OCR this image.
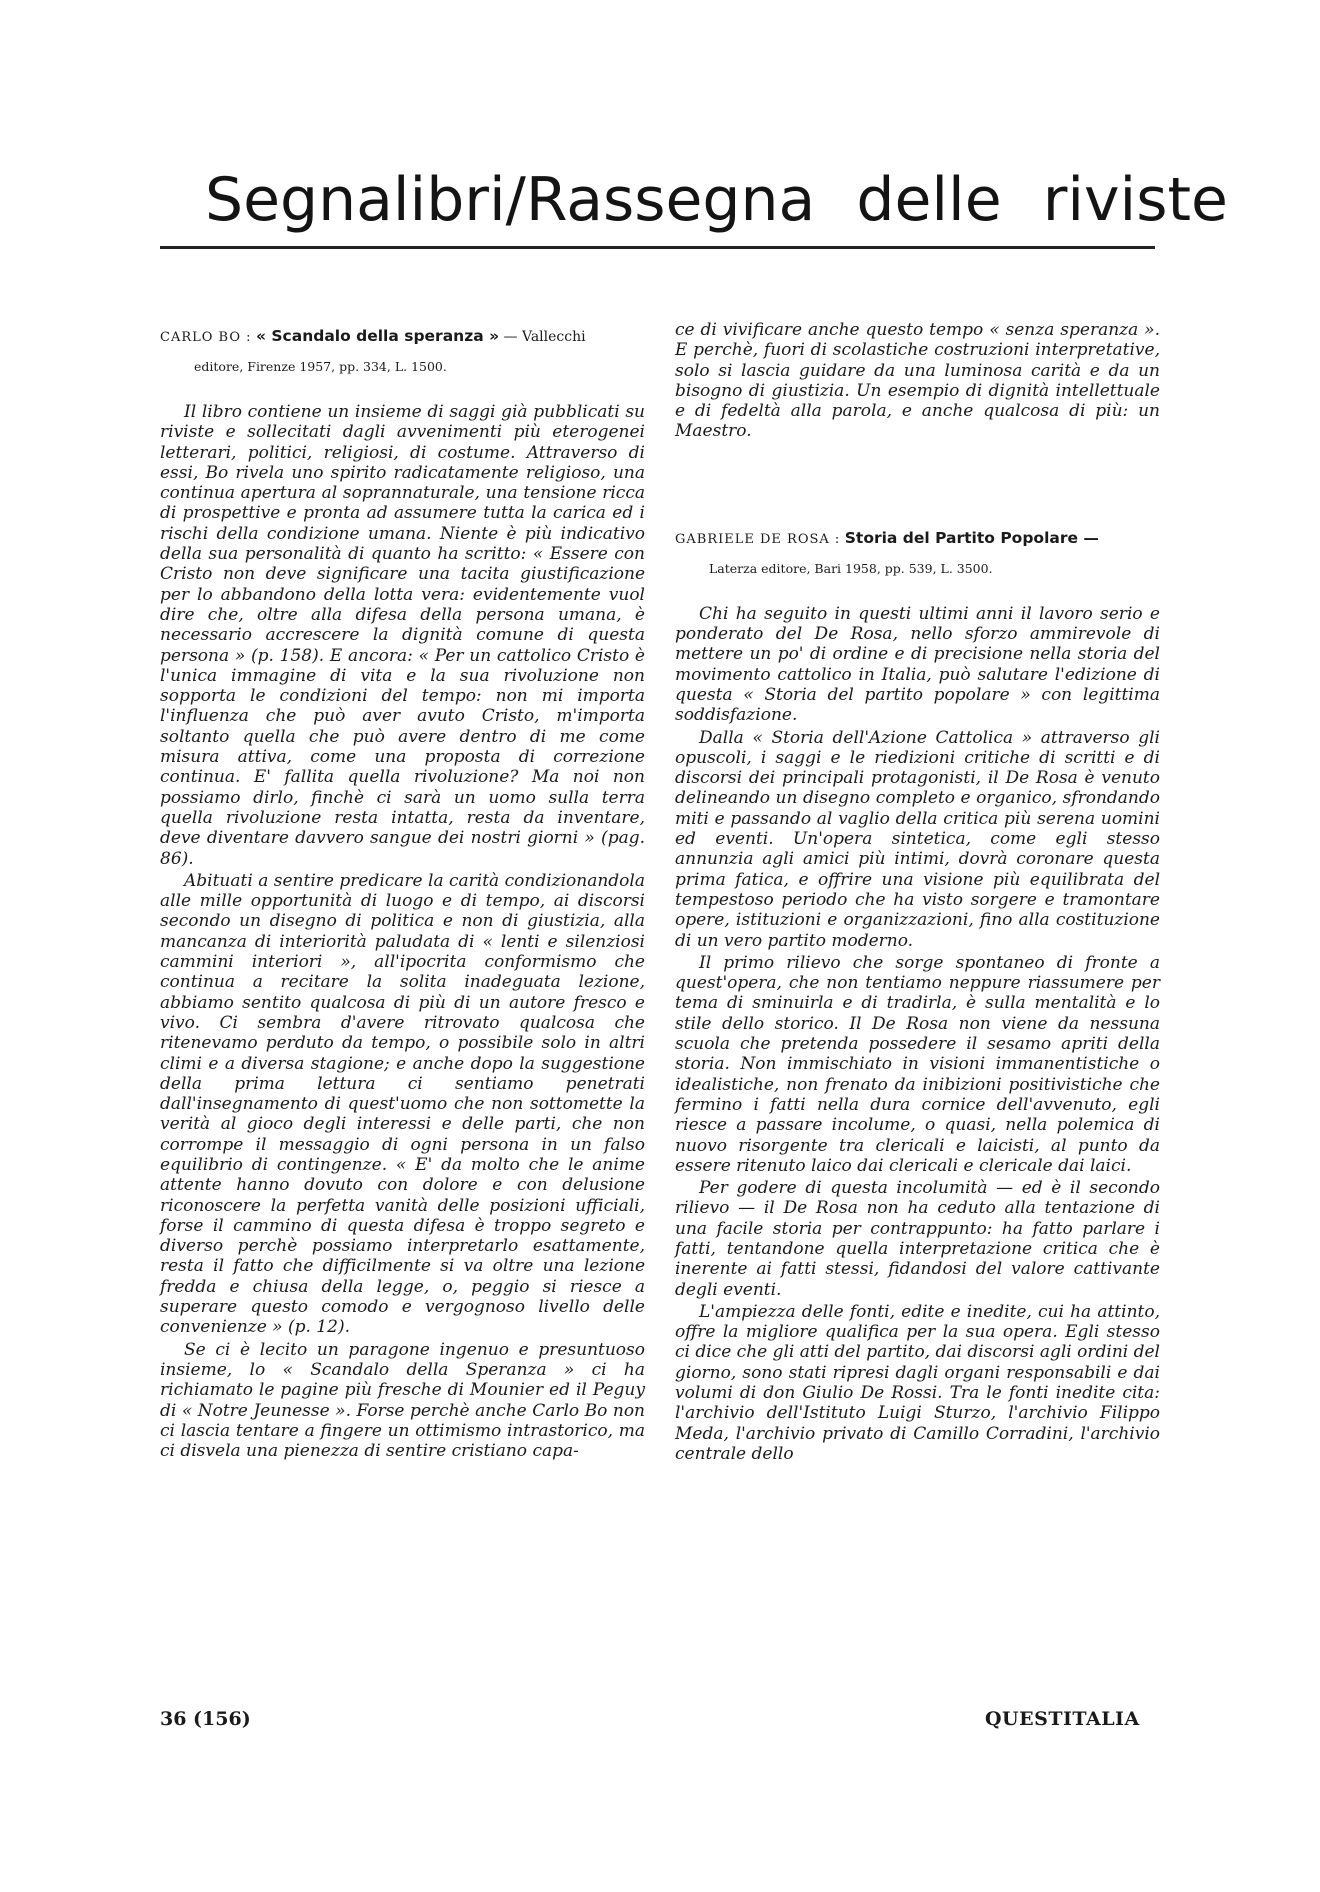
Segnalibri/Rassegna delle riviste
CARLO BO : « Scandalo della speranza » — Vallecchi
editore, Firenze 1957, pp. 334, L. 1500.

Il libro contiene un insieme di saggi già pubblicati su riviste e sollecitati dagli avvenimenti più eterogenei letterari, politici, religiosi, di costume. Attraverso di essi, Bo rivela uno spirito radicatamente religioso, una continua apertura al soprannaturale, una tensione ricca di prospettive e pronta ad assumere tutta la carica ed i rischi della condizione umana. Niente è più indicativo della sua personalità di quanto ha scritto: « Essere con Cristo non deve significare una tacita giustificazione per lo abbandono della lotta vera: evidentemente vuol dire che, oltre alla difesa della persona umana, è necessario accrescere la dignità comune di questa persona » (p. 158). E ancora: « Per un cattolico Cristo è l'unica immagine di vita e la sua rivoluzione non sopporta le condizioni del tempo: non mi importa l'influenza che può aver avuto Cristo, m'importa soltanto quella che può avere dentro di me come misura attiva, come una proposta di correzione continua. E' fallita quella rivoluzione? Ma noi non possiamo dirlo, finchè ci sarà un uomo sulla terra quella rivoluzione resta intatta, resta da inventare, deve diventare davvero sangue dei nostri giorni » (pag. 86).

Abituati a sentire predicare la carità condizionandola alle mille opportunità di luogo e di tempo, ai discorsi secondo un disegno di politica e non di giustizia, alla mancanza di interiorità paludata di « lenti e silenziosi cammini interiori », all'ipocrita conformismo che continua a recitare la solita inadeguata lezione, abbiamo sentito qualcosa di più di un autore fresco e vivo. Ci sembra d'avere ritrovato qualcosa che ritenevamo perduto da tempo, o possibile solo in altri climi e a diversa stagione; e anche dopo la suggestione della prima lettura ci sentiamo penetrati dall'insegnamento di quest'uomo che non sottomette la verità al gioco degli interessi e delle parti, che non corrompe il messaggio di ogni persona in un falso equilibrio di contingenze. « E' da molto che le anime attente hanno dovuto con dolore e con delusione riconoscere la perfetta vanità delle posizioni ufficiali, forse il cammino di questa difesa è troppo segreto e diverso perchè possiamo interpretarlo esattamente, resta il fatto che difficilmente si va oltre una lezione fredda e chiusa della legge, o, peggio si riesce a superare questo comodo e vergognoso livello delle convenienze » (p. 12).

Se ci è lecito un paragone ingenuo e presuntuoso insieme, lo « Scandalo della Speranza » ci ha richiamato le pagine più fresche di Mounier ed il Peguy di « Notre Jeunesse ». Forse perchè anche Carlo Bo non ci lascia tentare a fingere un ottimismo intrastorico, ma ci disvela una pienezza di sentire cristiano capa-

ce di vivificare anche questo tempo « senza speranza ». E perchè, fuori di scolastiche costruzioni interpretative, solo si lascia guidare da una luminosa carità e da un bisogno di giustizia. Un esempio di dignità intellettuale e di fedeltà alla parola, e anche qualcosa di più: un Maestro.

GABRIELE DE ROSA : Storia del Partito Popolare —
Laterza editore, Bari 1958, pp. 539, L. 3500.

Chi ha seguito in questi ultimi anni il lavoro serio e ponderato del De Rosa, nello sforzo ammirevole di mettere un po' di ordine e di precisione nella storia del movimento cattolico in Italia, può salutare l'edizione di questa « Storia del partito popolare » con legittima soddisfazione.

Dalla « Storia dell'Azione Cattolica » attraverso gli opuscoli, i saggi e le riedizioni critiche di scritti e di discorsi dei principali protagonisti, il De Rosa è venuto delineando un disegno completo e organico, sfrondando miti e passando al vaglio della critica più serena uomini ed eventi. Un'opera sintetica, come egli stesso annunzia agli amici più intimi, dovrà coronare questa prima fatica, e offrire una visione più equilibrata del tempestoso periodo che ha visto sorgere e tramontare opere, istituzioni e organizzazioni, fino alla costituzione di un vero partito moderno.

Il primo rilievo che sorge spontaneo di fronte a quest'opera, che non tentiamo neppure riassumere per tema di sminuirla e di tradirla, è sulla mentalità e lo stile dello storico. Il De Rosa non viene da nessuna scuola che pretenda possedere il sesamo apriti della storia. Non immischiato in visioni immanentistiche o idealistiche, non frenato da inibizioni positivistiche che fermino i fatti nella dura cornice dell'avvenuto, egli riesce a passare incolume, o quasi, nella polemica di nuovo risorgente tra clericali e laicisti, al punto da essere ritenuto laico dai clericali e clericale dai laici.

Per godere di questa incolumità — ed è il secondo rilievo — il De Rosa non ha ceduto alla tentazione di una facile storia per contrappunto: ha fatto parlare i fatti, tentandone quella interpretazione critica che è inerente ai fatti stessi, fidandosi del valore cattivante degli eventi.

L'ampiezza delle fonti, edite e inedite, cui ha attinto, offre la migliore qualifica per la sua opera. Egli stesso ci dice che gli atti del partito, dai discorsi agli ordini del giorno, sono stati ripresi dagli organi responsabili e dai volumi di don Giulio De Rossi. Tra le fonti inedite cita: l'archivio dell'Istituto Luigi Sturzo, l'archivio Filippo Meda, l'archivio privato di Camillo Corradini, l'archivio centrale dello

36 (156)	QUESTITALIA
